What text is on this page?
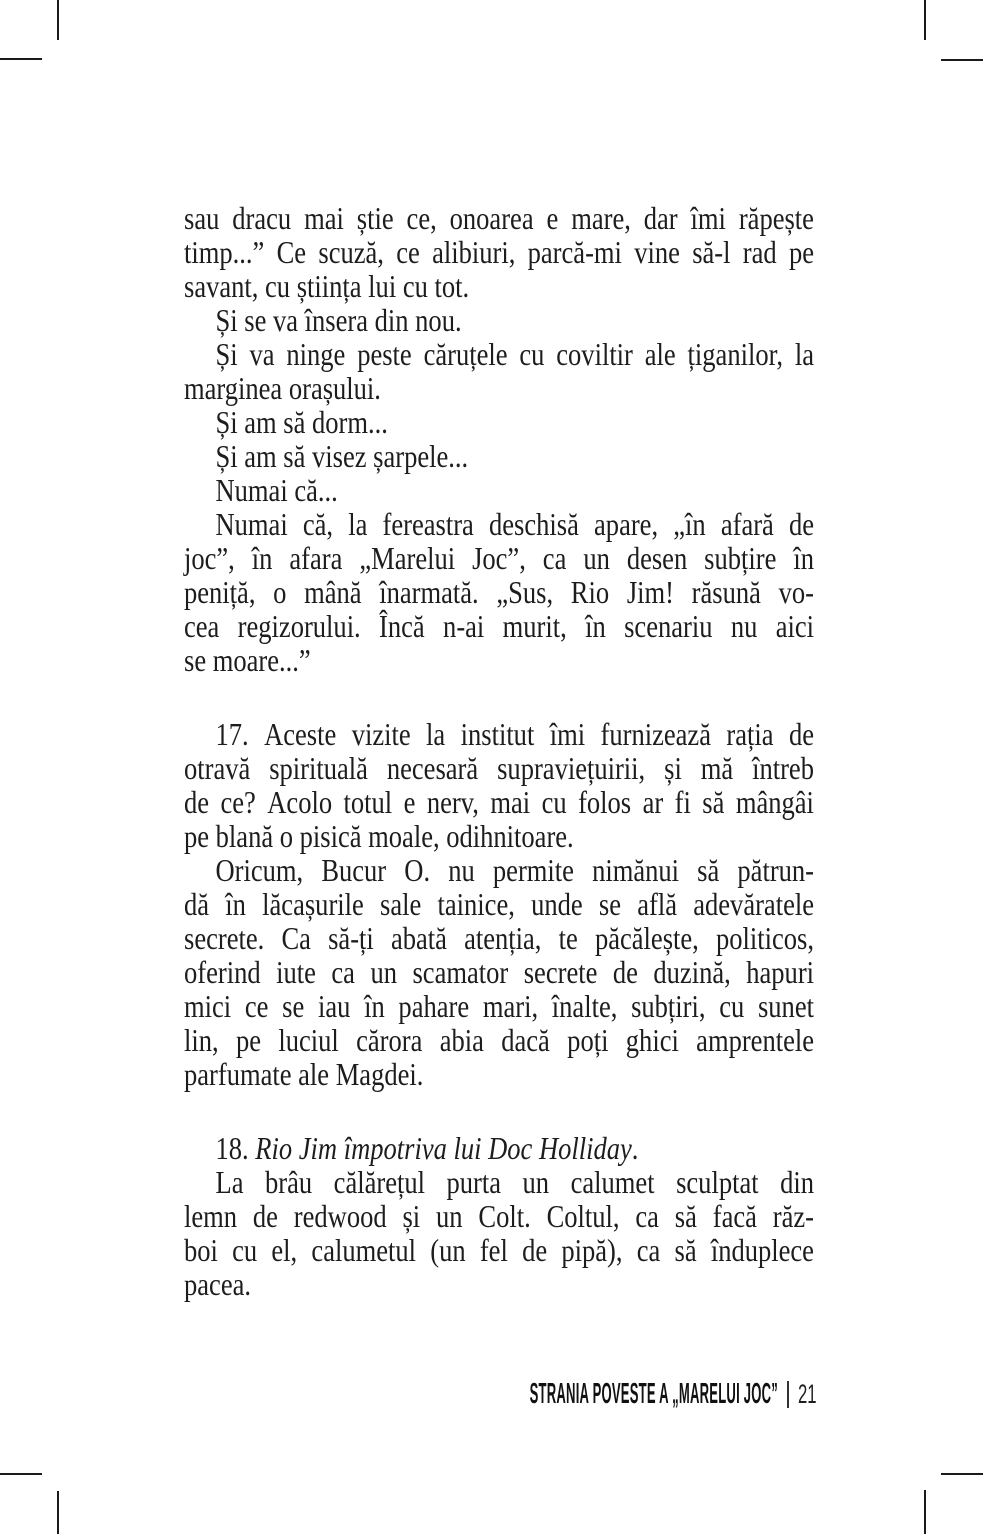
sau dracu mai știe ce, onoarea e mare, dar îmi răpește
timp...” Ce scuză, ce alibiuri, parcă-mi vine să-l rad pe
savant, cu știința lui cu tot.
Și se va însera din nou.
Și va ninge peste căruțele cu coviltir ale țiganilor, la
marginea orașului.
Și am să dorm...
Și am să visez șarpele...
Numai că...
Numai că, la fereastra deschisă apare, „în afară de
joc”, în afara „Marelui Joc”, ca un desen subțire în
peniță, o mână înarmată. „Sus, Rio Jim! răsună vo-
cea regizorului. Încă n-ai murit, în scenariu nu aici
se moare...”
17. Aceste vizite la institut îmi furnizează rația de
otravă spirituală necesară supraviețuirii, și mă întreb
de ce? Acolo totul e nerv, mai cu folos ar fi să mângâi
pe blană o pisică moale, odihnitoare.
Oricum, Bucur O. nu permite nimănui să pătrun-
dă în lăcașurile sale tainice, unde se află adevăratele
secrete. Ca să-ți abată atenția, te păcălește, politicos,
oferind iute ca un scamator secrete de duzină, hapuri
mici ce se iau în pahare mari, înalte, subțiri, cu sunet
lin, pe luciul cărora abia dacă poți ghici amprentele
parfumate ale Magdei.
18. Rio Jim împotriva lui Doc Holliday.
La brâu călărețul purta un calumet sculptat din
lemn de redwood și un Colt. Coltul, ca să facă răz-
boi cu el, calumetul (un fel de pipă), ca să înduplece
pacea.
STRANIA POVESTE A „MARELUI JOC” 21
